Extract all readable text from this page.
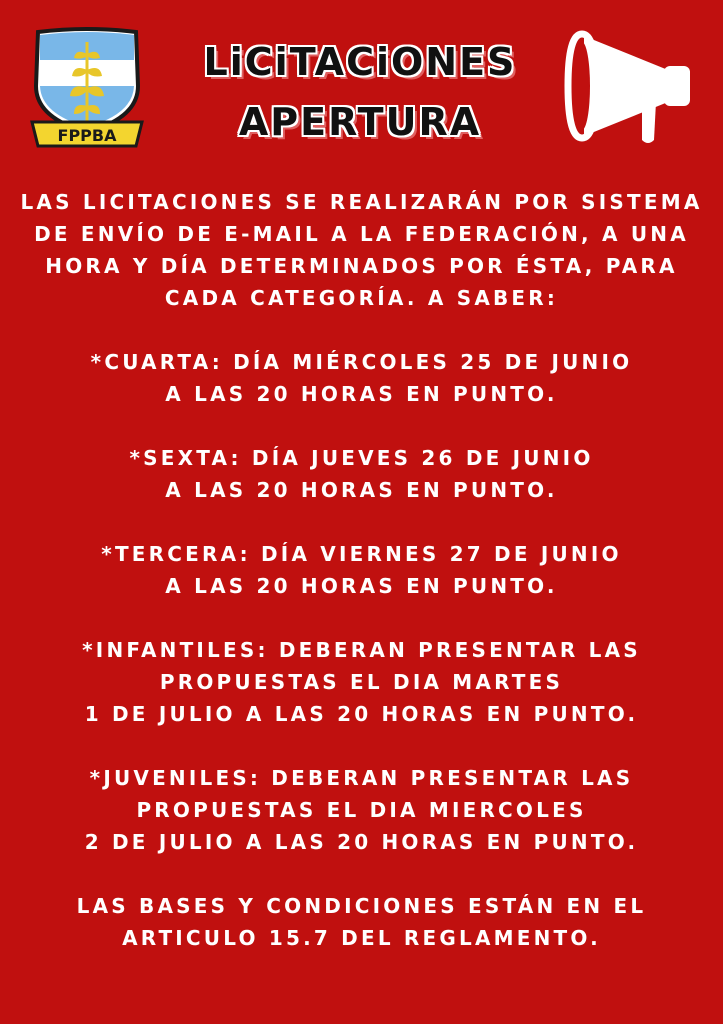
FPPBA
LiCiTACiONES
APERTURA
LAS LICITACIONES SE REALIZARÁN POR SISTEMA
DE ENVÍO DE E-MAIL A LA FEDERACIÓN, A UNA
HORA Y DÍA DETERMINADOS POR ÉSTA, PARA
CADA CATEGORÍA. A SABER:
*CUARTA: DÍA MIÉRCOLES 25 DE JUNIO
A LAS 20 HORAS EN PUNTO.
*SEXTA: DÍA JUEVES 26 DE JUNIO
A LAS 20 HORAS EN PUNTO.
*TERCERA: DÍA VIERNES 27 DE JUNIO
A LAS 20 HORAS EN PUNTO.
*INFANTILES: DEBERAN PRESENTAR LAS
PROPUESTAS EL DIA MARTES
1 DE JULIO A LAS 20 HORAS EN PUNTO.
*JUVENILES: DEBERAN PRESENTAR LAS
PROPUESTAS EL DIA MIERCOLES
2 DE JULIO A LAS 20 HORAS EN PUNTO.
LAS BASES Y CONDICIONES ESTÁN EN EL
ARTICULO 15.7 DEL REGLAMENTO.
